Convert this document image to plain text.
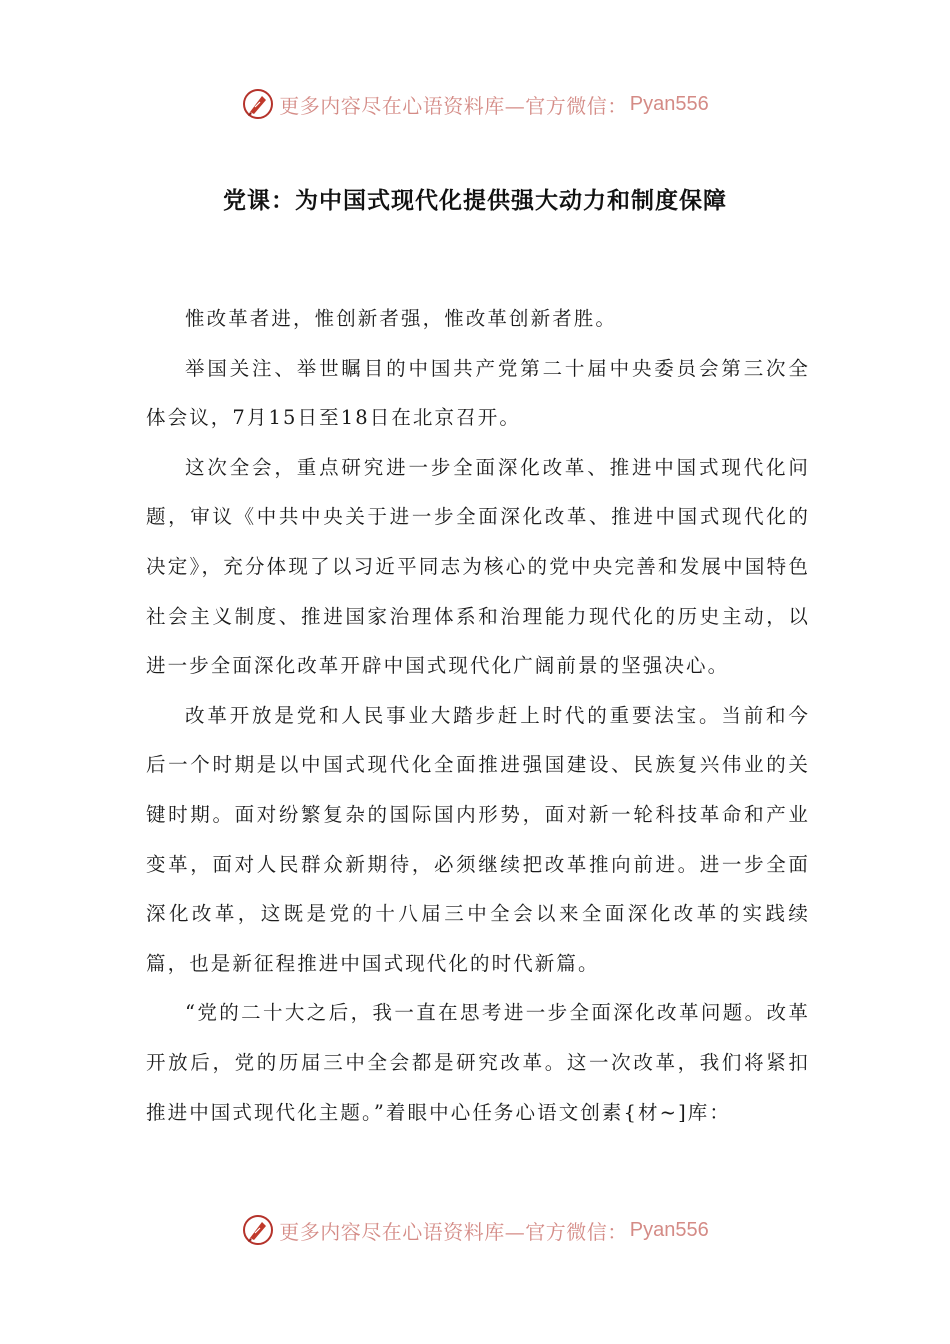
更多内容尽在心语资料库—官方微信： Pyan556
党课：为中国式现代化提供强大动力和制度保障

惟改革者进，惟创新者强，惟改革创新者胜。

举国关注、举世瞩目的中国共产党第二十届中央委员会第三次全体会议，7月15日至18日在北京召开。

这次全会，重点研究进一步全面深化改革、推进中国式现代化问题，审议《中共中央关于进一步全面深化改革、推进中国式现代化的决定》，充分体现了以习近平同志为核心的党中央完善和发展中国特色社会主义制度、推进国家治理体系和治理能力现代化的历史主动，以进一步全面深化改革开辟中国式现代化广阔前景的坚强决心。

改革开放是党和人民事业大踏步赶上时代的重要法宝。当前和今后一个时期是以中国式现代化全面推进强国建设、民族复兴伟业的关键时期。面对纷繁复杂的国际国内形势，面对新一轮科技革命和产业变革，面对人民群众新期待，必须继续把改革推向前进。进一步全面深化改革，这既是党的十八届三中全会以来全面深化改革的实践续篇，也是新征程推进中国式现代化的时代新篇。

“党的二十大之后，我一直在思考进一步全面深化改革问题。改革开放后，党的历届三中全会都是研究改革。这一次改革，我们将紧扣推进中国式现代化主题。”着眼中心任务心语文创素{材~]库：

更多内容尽在心语资料库—官方微信： Pyan556
